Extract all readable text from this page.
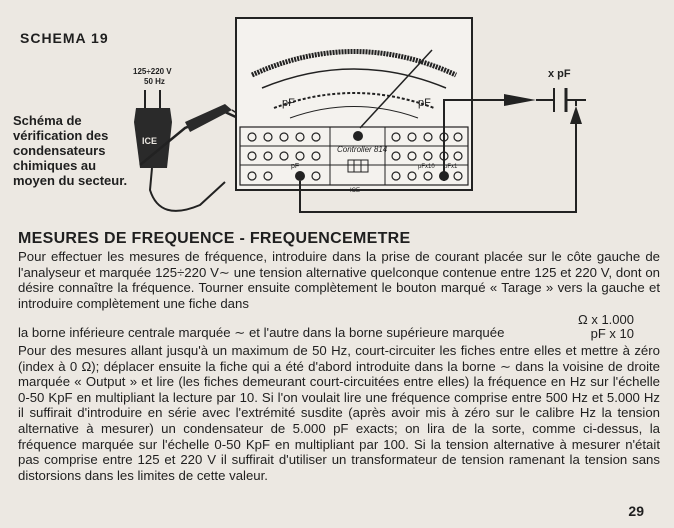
SCHEMA 19
125÷220 V
50 Hz
ICE
pF	pF
Controller 814
pF	pFx10 pFx1
ICE
x pF
Schéma de vérification des condensateurs chimiques au moyen du secteur.
MESURES DE FREQUENCE - FREQUENCEMETRE
Pour effectuer les mesures de fréquence, introduire dans la prise de courant placée sur le côte gauche de l'analyseur et marquée 125÷220 V∼ une tension alternative quelconque contenue entre 125 et 220 V, dont on désire connaître la fréquence. Tourner ensuite complètement le bouton marqué « Tarage » vers la gauche et introduire complètement une fiche dans
la borne inférieure centrale marquée ∼ et l'autre dans la borne supérieure marquée
Ω x 1.000
pF x 10
Pour des mesures allant jusqu'à un maximum de 50 Hz, court-circuiter les fiches entre elles et mettre à zéro (index à 0 Ω); déplacer ensuite la fiche qui a été d'abord introduite dans la borne ∼ dans la voisine de droite marquée « Output » et lire (les fiches demeurant court-circuitées entre elles) la fréquence en Hz sur l'échelle 0-50 KpF en multipliant la lecture par 10. Si l'on voulait lire une fréquence comprise entre 500 Hz et 5.000 Hz il suffirait d'introduire en série avec l'extrémité susdite (après avoir mis à zéro sur le calibre Hz la tension alternative à mesurer) un condensateur de 5.000 pF exacts; on lira de la sorte, comme ci-dessus, la fréquence marquée sur l'échelle 0-50 KpF en multipliant par 100. Si la tension alternative à mesurer n'était pas comprise entre 125 et 220 V il suffirait d'utiliser un transformateur de tension ramenant la tension sans distorsions dans les limites de cette valeur.
29
